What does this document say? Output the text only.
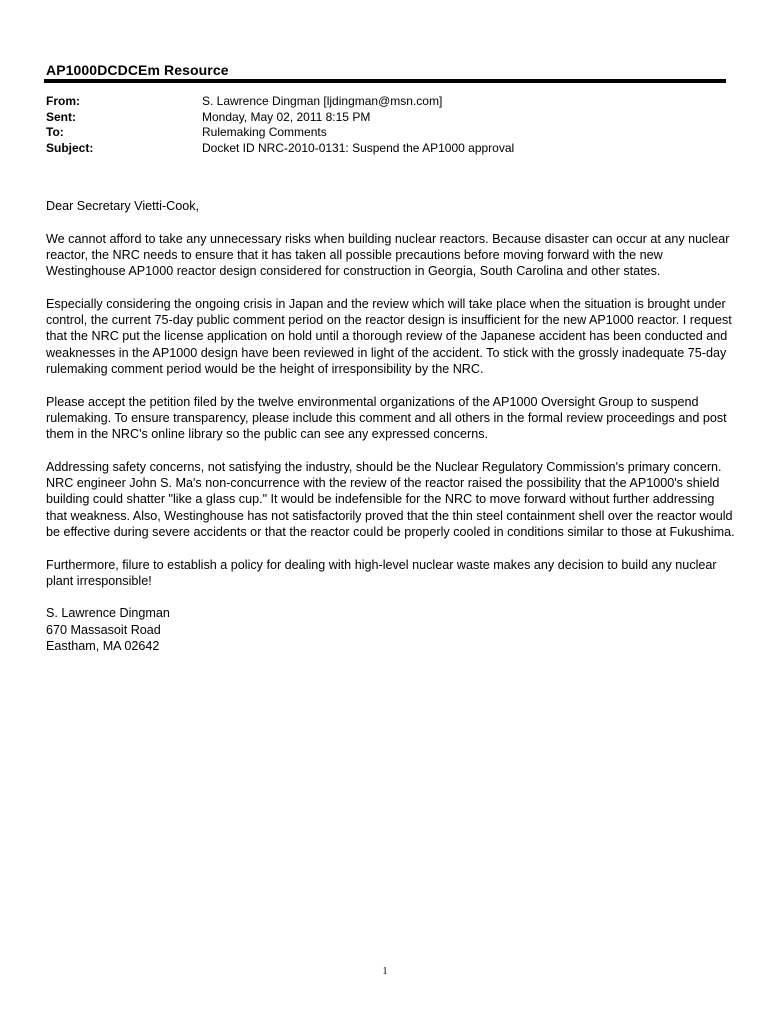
AP1000DCDCEm Resource
From:	S. Lawrence Dingman [ljdingman@msn.com]
Sent:	Monday, May 02, 2011 8:15 PM
To:	Rulemaking Comments
Subject:	Docket ID NRC-2010-0131: Suspend the AP1000 approval

Dear Secretary Vietti-Cook,

We cannot afford to take any unnecessary risks when building nuclear reactors. Because disaster can occur at any nuclear reactor, the NRC needs to ensure that it has taken all possible precautions before moving forward with the new Westinghouse AP1000 reactor design considered for construction in Georgia, South Carolina and other states.

Especially considering the ongoing crisis in Japan and the review which will take place when the situation is brought under control, the current 75-day public comment period on the reactor design is insufficient for the new AP1000 reactor. I request that the NRC put the license application on hold until a thorough review of the Japanese accident has been conducted and weaknesses in the AP1000 design have been reviewed in light of the accident. To stick with the grossly inadequate 75-day rulemaking comment period would be the height of irresponsibility by the NRC.

Please accept the petition filed by the twelve environmental organizations of the AP1000 Oversight Group to suspend rulemaking. To ensure transparency, please include this comment and all others in the formal review proceedings and post them in the NRC's online library so the public can see any expressed concerns.

Addressing safety concerns, not satisfying the industry, should be the Nuclear Regulatory Commission's primary concern. NRC engineer John S. Ma's non-concurrence with the review of the reactor raised the possibility that the AP1000's shield building could shatter "like a glass cup." It would be indefensible for the NRC to move forward without further addressing that weakness. Also, Westinghouse has not satisfactorily proved that the thin steel containment shell over the reactor would be effective during severe accidents or that the reactor could be properly cooled in conditions similar to those at Fukushima.

Furthermore, filure to establish a policy for dealing with high-level nuclear waste makes any decision to build any nuclear plant irresponsible!

S. Lawrence Dingman
670 Massasoit Road
Eastham, MA 02642

1
